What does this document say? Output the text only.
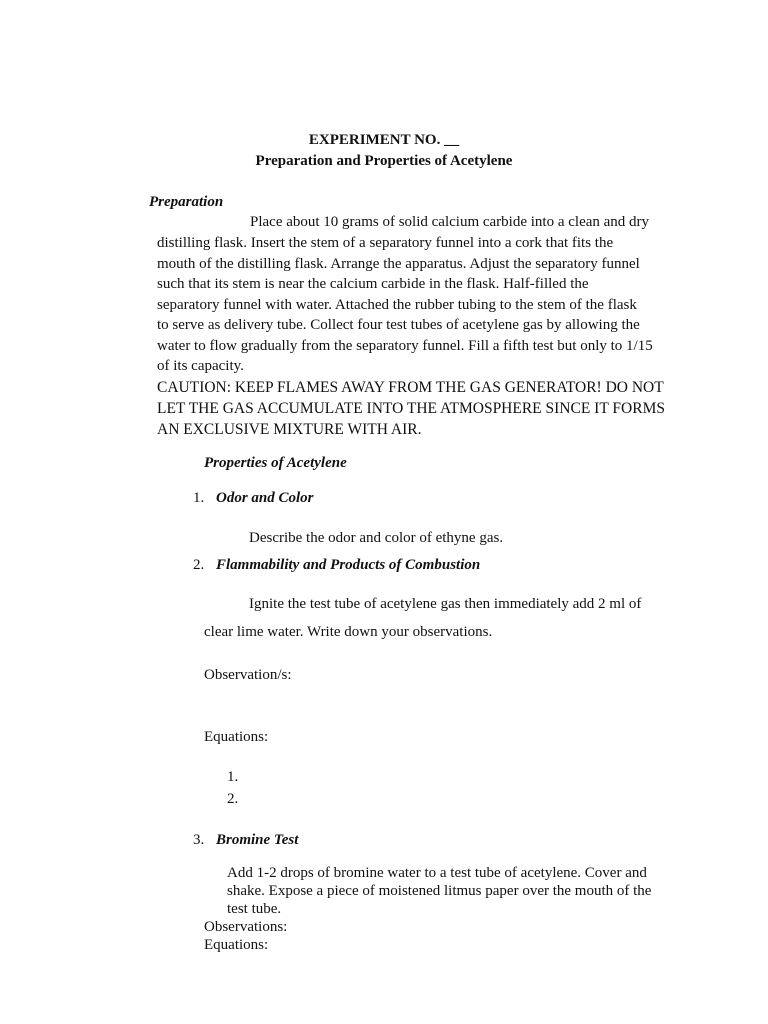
EXPERIMENT NO. __
Preparation and Properties of Acetylene
Preparation
Place about 10 grams of solid calcium carbide into a clean and dry
distilling flask. Insert the stem of a separatory funnel into a cork that fits the
mouth of the distilling flask. Arrange the apparatus. Adjust the separatory funnel
such that its stem is near the calcium carbide in the flask. Half-filled the
separatory funnel with water. Attached the rubber tubing to the stem of the flask
to serve as delivery tube. Collect four test tubes of acetylene gas by allowing the
water to flow gradually from the separatory funnel. Fill a fifth test but only to 1/15
of its capacity.
CAUTION: KEEP FLAMES AWAY FROM THE GAS GENERATOR! DO NOT
LET THE GAS ACCUMULATE INTO THE ATMOSPHERE SINCE IT FORMS
AN EXCLUSIVE MIXTURE WITH AIR.
Properties of Acetylene
1. Odor and Color
Describe the odor and color of ethyne gas.
2. Flammability and Products of Combustion
Ignite the test tube of acetylene gas then immediately add 2 ml of
clear lime water. Write down your observations.
Observation/s:
Equations:
1.
2.
3. Bromine Test
Add 1-2 drops of bromine water to a test tube of acetylene. Cover and
shake. Expose a piece of moistened litmus paper over the mouth of the
test tube.
Observations:
Equations:
